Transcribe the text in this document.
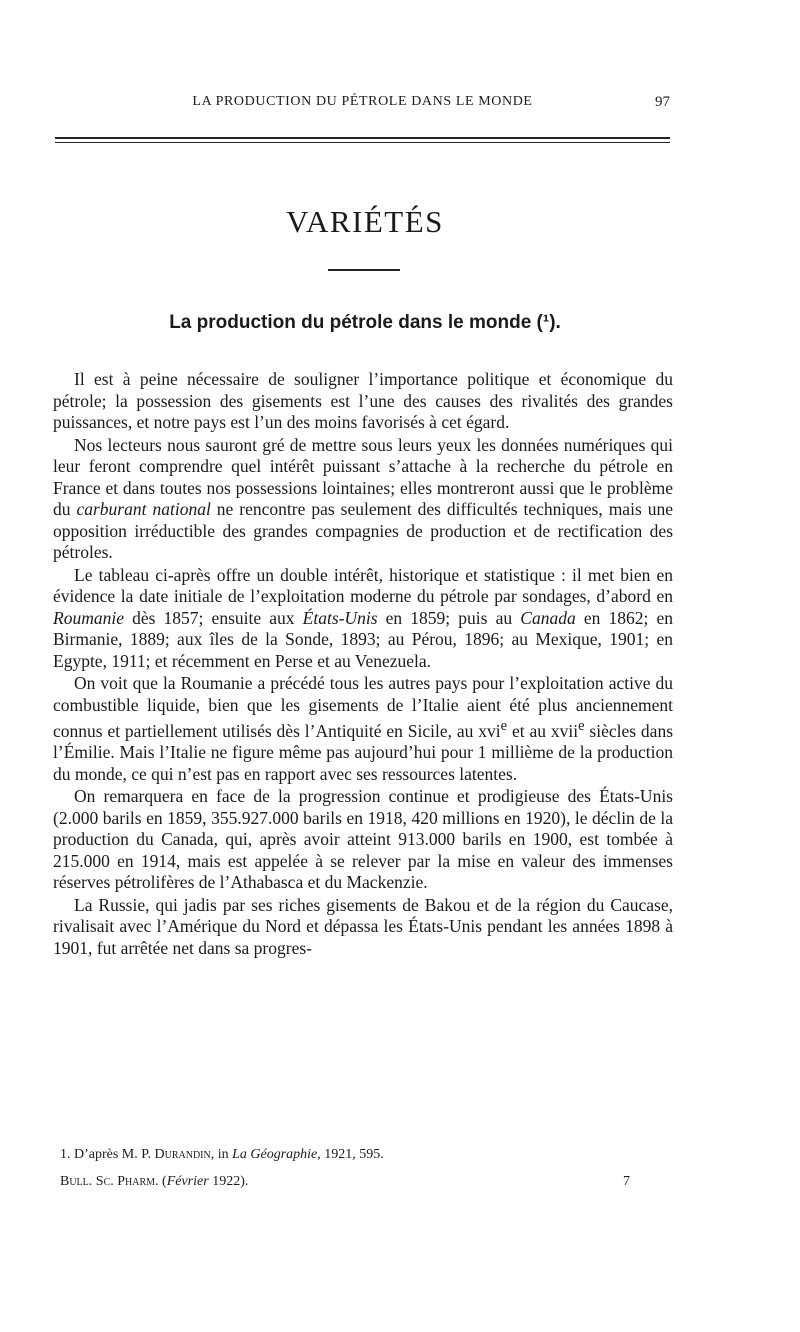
LA PRODUCTION DU PÉTROLE DANS LE MONDE	97
VARIÉTÉS
La production du pétrole dans le monde (¹).

Il est à peine nécessaire de souligner l’importance politique et économique du pétrole; la possession des gisements est l’une des causes des rivalités des grandes puissances, et notre pays est l’un des moins favorisés à cet égard.

Nos lecteurs nous sauront gré de mettre sous leurs yeux les données numériques qui leur feront comprendre quel intérêt puissant s’attache à la recherche du pétrole en France et dans toutes nos possessions lointaines; elles montreront aussi que le problème du carburant national ne rencontre pas seulement des difficultés techniques, mais une opposition irréductible des grandes compagnies de production et de rectification des pétroles.

Le tableau ci-après offre un double intérêt, historique et statistique : il met bien en évidence la date initiale de l’exploitation moderne du pétrole par sondages, d’abord en Roumanie dès 1857; ensuite aux États-Unis en 1859; puis au Canada en 1862; en Birmanie, 1889; aux îles de la Sonde, 1893; au Pérou, 1896; au Mexique, 1901; en Egypte, 1911; et récemment en Perse et au Venezuela.

On voit que la Roumanie a précédé tous les autres pays pour l’exploitation active du combustible liquide, bien que les gisements de l’Italie aient été plus anciennement connus et partiellement utilisés dès l’Antiquité en Sicile, au xvi$^e$ et au xvii$^e$ siècles dans l’Émilie. Mais l’Italie ne figure même pas aujourd’hui pour 1 millième de la production du monde, ce qui n’est pas en rapport avec ses ressources latentes.

On remarquera en face de la progression continue et prodigieuse des États-Unis (2.000 barils en 1859, 355.927.000 barils en 1918, 420 millions en 1920), le déclin de la production du Canada, qui, après avoir atteint 913.000 barils en 1900, est tombée à 215.000 en 1914, mais est appelée à se relever par la mise en valeur des immenses réserves pétrolifères de l’Athabasca et du Mackenzie.

La Russie, qui jadis par ses riches gisements de Bakou et de la région du Caucase, rivalisait avec l’Amérique du Nord et dépassa les États-Unis pendant les années 1898 à 1901, fut arrêtée net dans sa progres-

1. D’après M. P. Durandin, in La Géographie, 1921, 595.
Bull. Sc. Pharm. (Février 1922).	7
